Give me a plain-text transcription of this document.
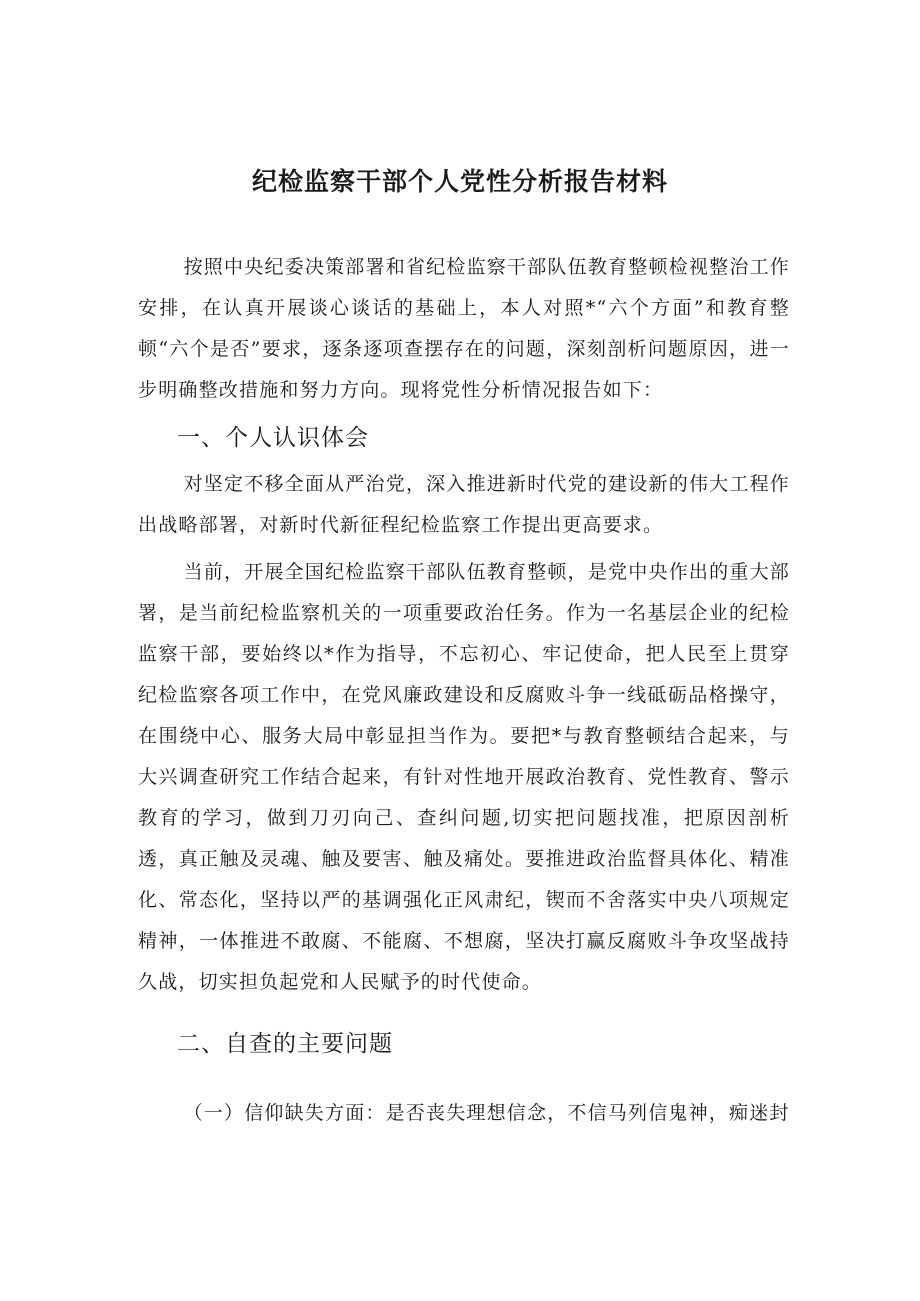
纪检监察干部个人党性分析报告材料

按照中央纪委决策部署和省纪检监察干部队伍教育整顿检视整治工作安排，在认真开展谈心谈话的基础上，本人对照*“六个方面”和教育整顿“六个是否”要求，逐条逐项查摆存在的问题，深刻剖析问题原因，进一步明确整改措施和努力方向。现将党性分析情况报告如下：

一、个人认识体会

对坚定不移全面从严治党，深入推进新时代党的建设新的伟大工程作出战略部署，对新时代新征程纪检监察工作提出更高要求。

当前，开展全国纪检监察干部队伍教育整顿，是党中央作出的重大部署，是当前纪检监察机关的一项重要政治任务。作为一名基层企业的纪检监察干部，要始终以*作为指导，不忘初心、牢记使命，把人民至上贯穿纪检监察各项工作中，在党风廉政建设和反腐败斗争一线砥砺品格操守，在围绕中心、服务大局中彰显担当作为。要把*与教育整顿结合起来，与大兴调查研究工作结合起来，有针对性地开展政治教育、党性教育、警示教育的学习，做到刀刃向己、查纠问题,切实把问题找准，把原因剖析透，真正触及灵魂、触及要害、触及痛处。要推进政治监督具体化、精准化、常态化，坚持以严的基调强化正风肃纪，锲而不舍落实中央八项规定精神，一体推进不敢腐、不能腐、不想腐，坚决打赢反腐败斗争攻坚战持久战，切实担负起党和人民赋予的时代使命。

二、自查的主要问题

（一）信仰缺失方面：是否丧失理想信念，不信马列信鬼神，痴迷封
